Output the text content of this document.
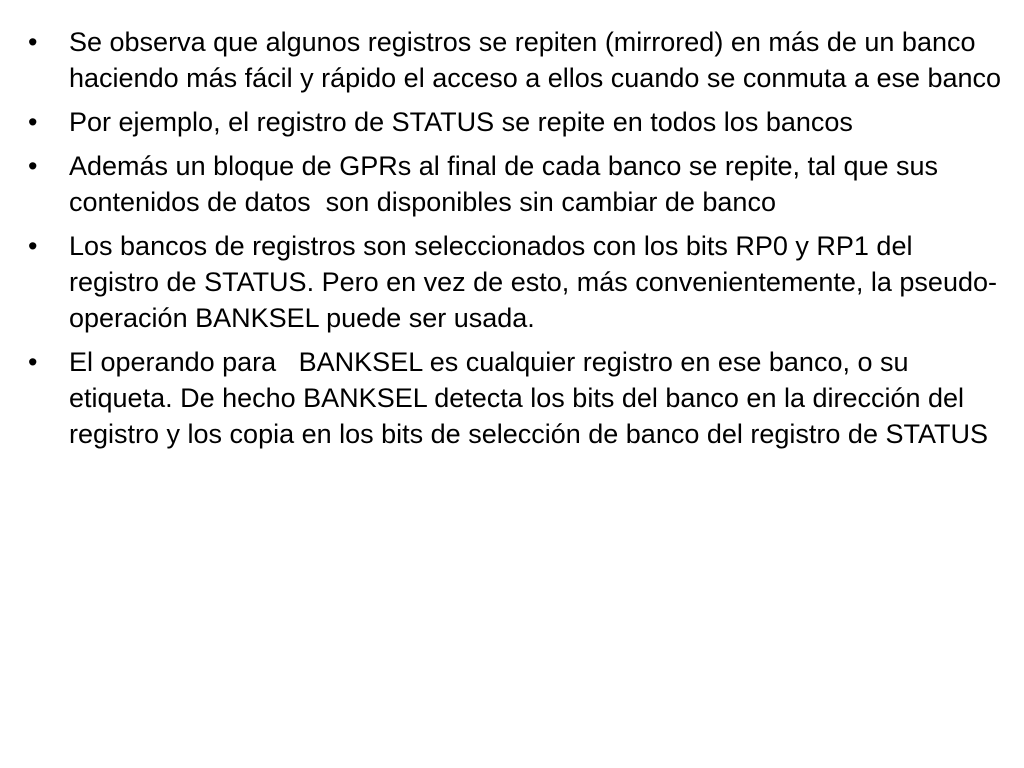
•	Se observa que algunos registros se repiten (mirrored) en más de un banco haciendo más fácil y rápido el acceso a ellos cuando se conmuta a ese banco
•	Por ejemplo, el registro de STATUS se repite en todos los bancos
•	Además un bloque de GPRs al final de cada banco se repite, tal que sus contenidos de datos  son disponibles sin cambiar de banco
•	Los bancos de registros son seleccionados con los bits RP0 y RP1 del registro de STATUS. Pero en vez de esto, más convenientemente, la pseudo-operación BANKSEL puede ser usada.
•	El operando para   BANKSEL es cualquier registro en ese banco, o su etiqueta. De hecho BANKSEL detecta los bits del banco en la dirección del registro y los copia en los bits de selección de banco del registro de STATUS
